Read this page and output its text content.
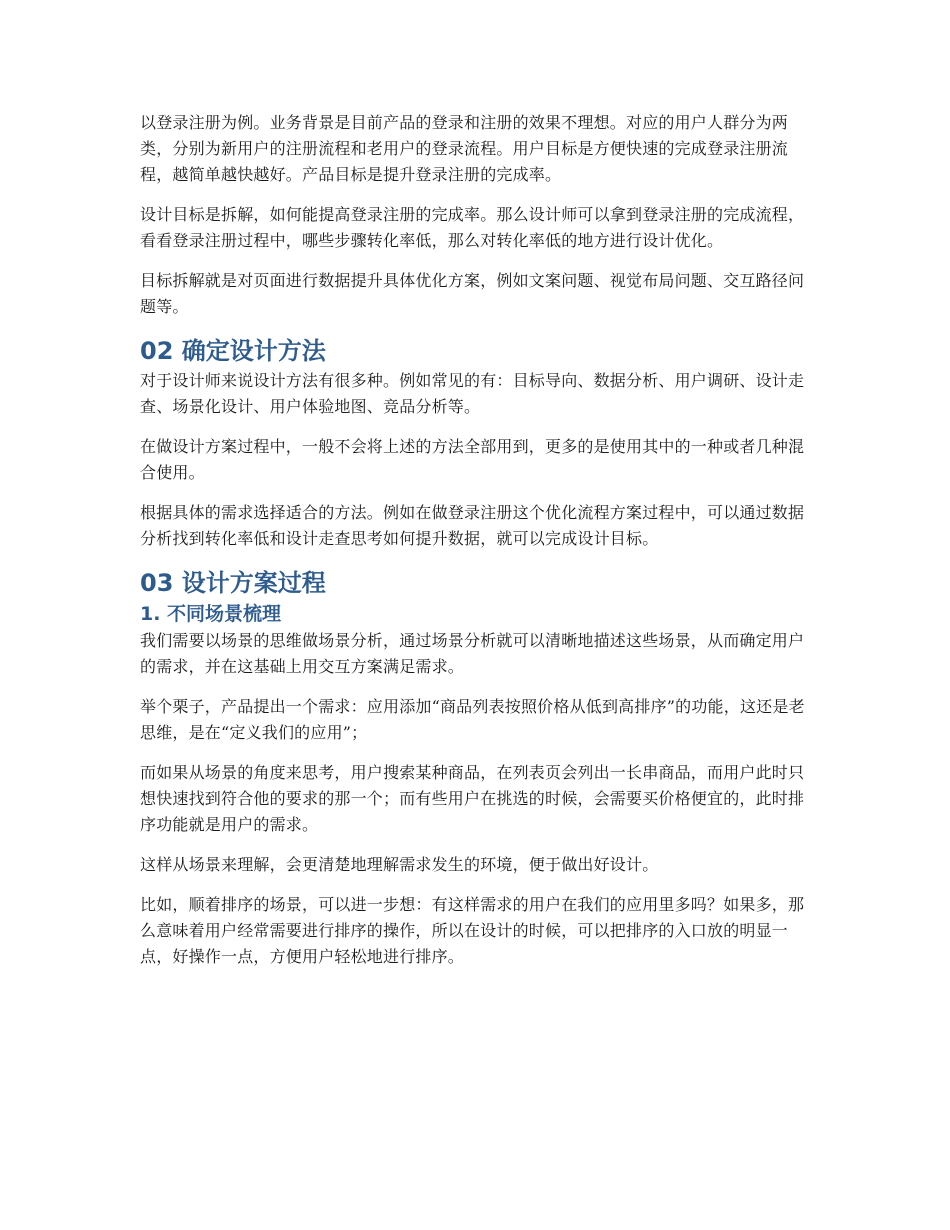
以登录注册为例。业务背景是目前产品的登录和注册的效果不理想。对应的用户人群分为两类，分别为新用户的注册流程和老用户的登录流程。用户目标是方便快速的完成登录注册流程，越简单越快越好。产品目标是提升登录注册的完成率。

设计目标是拆解，如何能提高登录注册的完成率。那么设计师可以拿到登录注册的完成流程，看看登录注册过程中，哪些步骤转化率低，那么对转化率低的地方进行设计优化。

目标拆解就是对页面进行数据提升具体优化方案，例如文案问题、视觉布局问题、交互路径问题等。

02 确定设计方法

对于设计师来说设计方法有很多种。例如常见的有：目标导向、数据分析、用户调研、设计走查、场景化设计、用户体验地图、竞品分析等。

在做设计方案过程中，一般不会将上述的方法全部用到，更多的是使用其中的一种或者几种混合使用。

根据具体的需求选择适合的方法。例如在做登录注册这个优化流程方案过程中，可以通过数据分析找到转化率低和设计走查思考如何提升数据，就可以完成设计目标。

03 设计方案过程
1. 不同场景梳理

我们需要以场景的思维做场景分析，通过场景分析就可以清晰地描述这些场景，从而确定用户的需求，并在这基础上用交互方案满足需求。

举个栗子，产品提出一个需求：应用添加“商品列表按照价格从低到高排序”的功能，这还是老思维，是在“定义我们的应用”；

而如果从场景的角度来思考，用户搜索某种商品，在列表页会列出一长串商品，而用户此时只想快速找到符合他的要求的那一个；而有些用户在挑选的时候，会需要买价格便宜的，此时排序功能就是用户的需求。

这样从场景来理解，会更清楚地理解需求发生的环境，便于做出好设计。

比如，顺着排序的场景，可以进一步想：有这样需求的用户在我们的应用里多吗？如果多，那么意味着用户经常需要进行排序的操作，所以在设计的时候，可以把排序的入口放的明显一点，好操作一点，方便用户轻松地进行排序。
